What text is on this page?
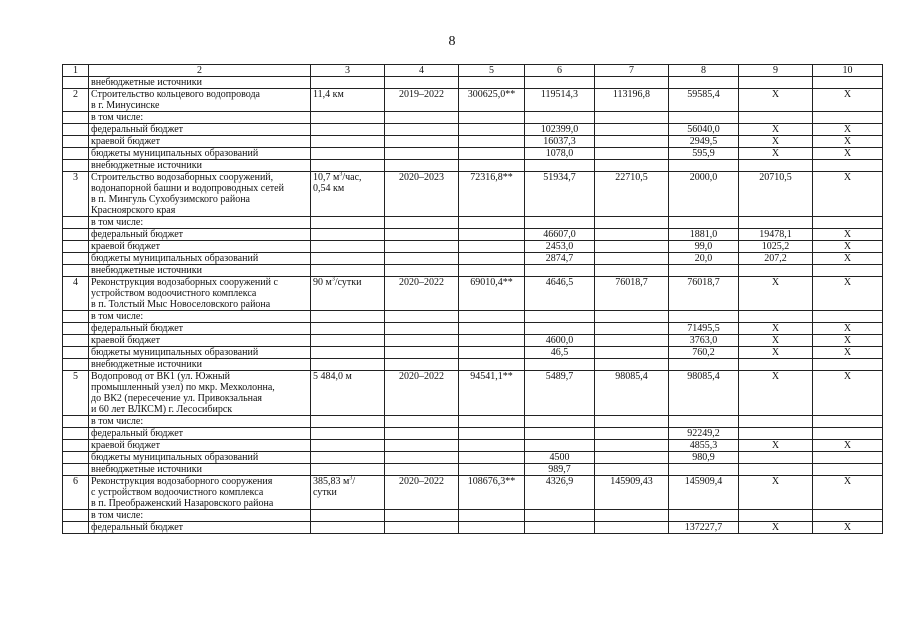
8
1	2	3	4	5	6	7	8	9	10
	внебюджетные источники								
2	Строительство кольцевого водопровода
в г. Минусинске	11,4 км	2019–2022	300625,0**	119514,3	113196,8	59585,4	X	X
	в том числе:								
	федеральный бюджет				102399,0		56040,0	X	X
	краевой бюджет				16037,3		2949,5	X	X
	бюджеты муниципальных образований				1078,0		595,9	X	X
	внебюджетные источники								
3	Строительство водозаборных сооружений,
водонапорной башни и водопроводных сетей
в п. Мингуль Сухобузимского района
Красноярского края	10,7 $м^3$/час,
0,54 км	2020–2023	72316,8**	51934,7	22710,5	2000,0	20710,5	X
	в том числе:								
	федеральный бюджет				46607,0		1881,0	19478,1	X
	краевой бюджет				2453,0		99,0	1025,2	X
	бюджеты муниципальных образований				2874,7		20,0	207,2	X
	внебюджетные источники								
4	Реконструкция водозаборных сооружений с
устройством водоочистного комплекса
в п. Толстый Мыс Новоселовского района	90 $м^3$/сутки	2020–2022	69010,4**	4646,5	76018,7	76018,7	X	X
	в том числе:								
	федеральный бюджет						71495,5	X	X
	краевой бюджет				4600,0		3763,0	X	X
	бюджеты муниципальных образований				46,5		760,2	X	X
	внебюджетные источники								
5	Водопровод от ВК1 (ул. Южный
промышленный узел) по мкр. Мехколонна,
до ВК2 (пересечение ул. Привокзальная
и 60 лет ВЛКСМ) г. Лесосибирск	5 484,0 м	2020–2022	94541,1**	5489,7	98085,4	98085,4	X	X
	в том числе:								
	федеральный бюджет						92249,2		
	краевой бюджет						4855,3	X	X
	бюджеты муниципальных образований				4500		980,9		
	внебюджетные источники				989,7				
6	Реконструкция водозаборного сооружения
с устройством водоочистного комплекса
в п. Преображенский Назаровского района	385,83 $м^3/$
сутки	2020–2022	108676,3**	4326,9	145909,43	145909,4	X	X
	в том числе:								
	федеральный бюджет						137227,7	X	X
